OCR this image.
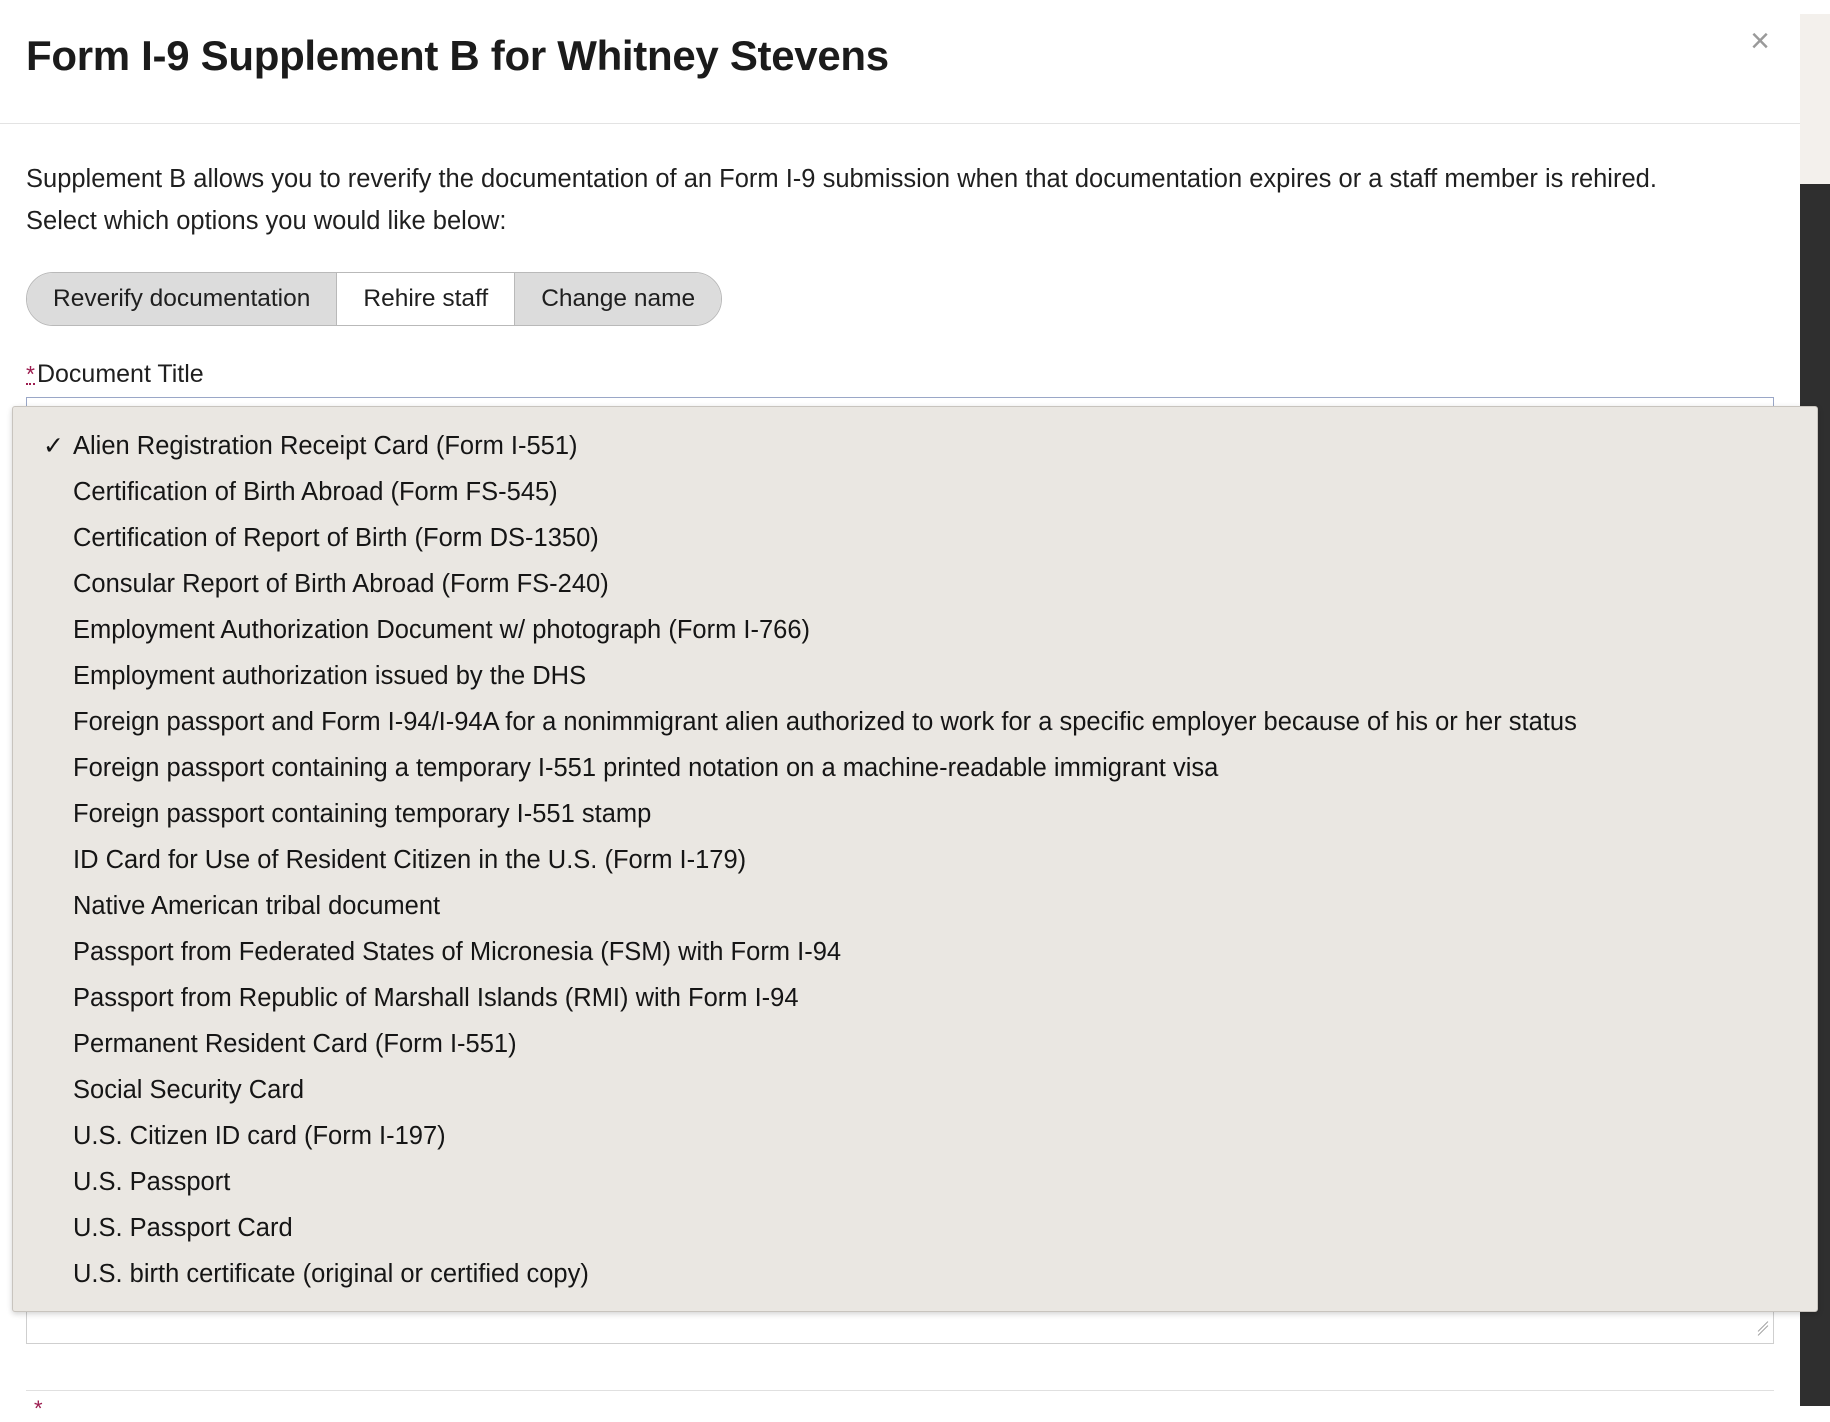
Form I-9 Supplement B for Whitney Stevens	×
Supplement B allows you to reverify the documentation of an Form I-9 submission when that documentation expires or a staff member is rehired. Select which options you would like below:
Reverify documentation	Rehire staff	Change name
* Document Title
✓ Alien Registration Receipt Card (Form I-551)
Certification of Birth Abroad (Form FS-545)
Certification of Report of Birth (Form DS-1350)
Consular Report of Birth Abroad (Form FS-240)
Employment Authorization Document w/ photograph (Form I-766)
Employment authorization issued by the DHS
Foreign passport and Form I-94/I-94A for a nonimmigrant alien authorized to work for a specific employer because of his or her status
Foreign passport containing a temporary I-551 printed notation on a machine-readable immigrant visa
Foreign passport containing temporary I-551 stamp
ID Card for Use of Resident Citizen in the U.S. (Form I-179)
Native American tribal document
Passport from Federated States of Micronesia (FSM) with Form I-94
Passport from Republic of Marshall Islands (RMI) with Form I-94
Permanent Resident Card (Form I-551)
Social Security Card
U.S. Citizen ID card (Form I-197)
U.S. Passport
U.S. Passport Card
U.S. birth certificate (original or certified copy)
*
